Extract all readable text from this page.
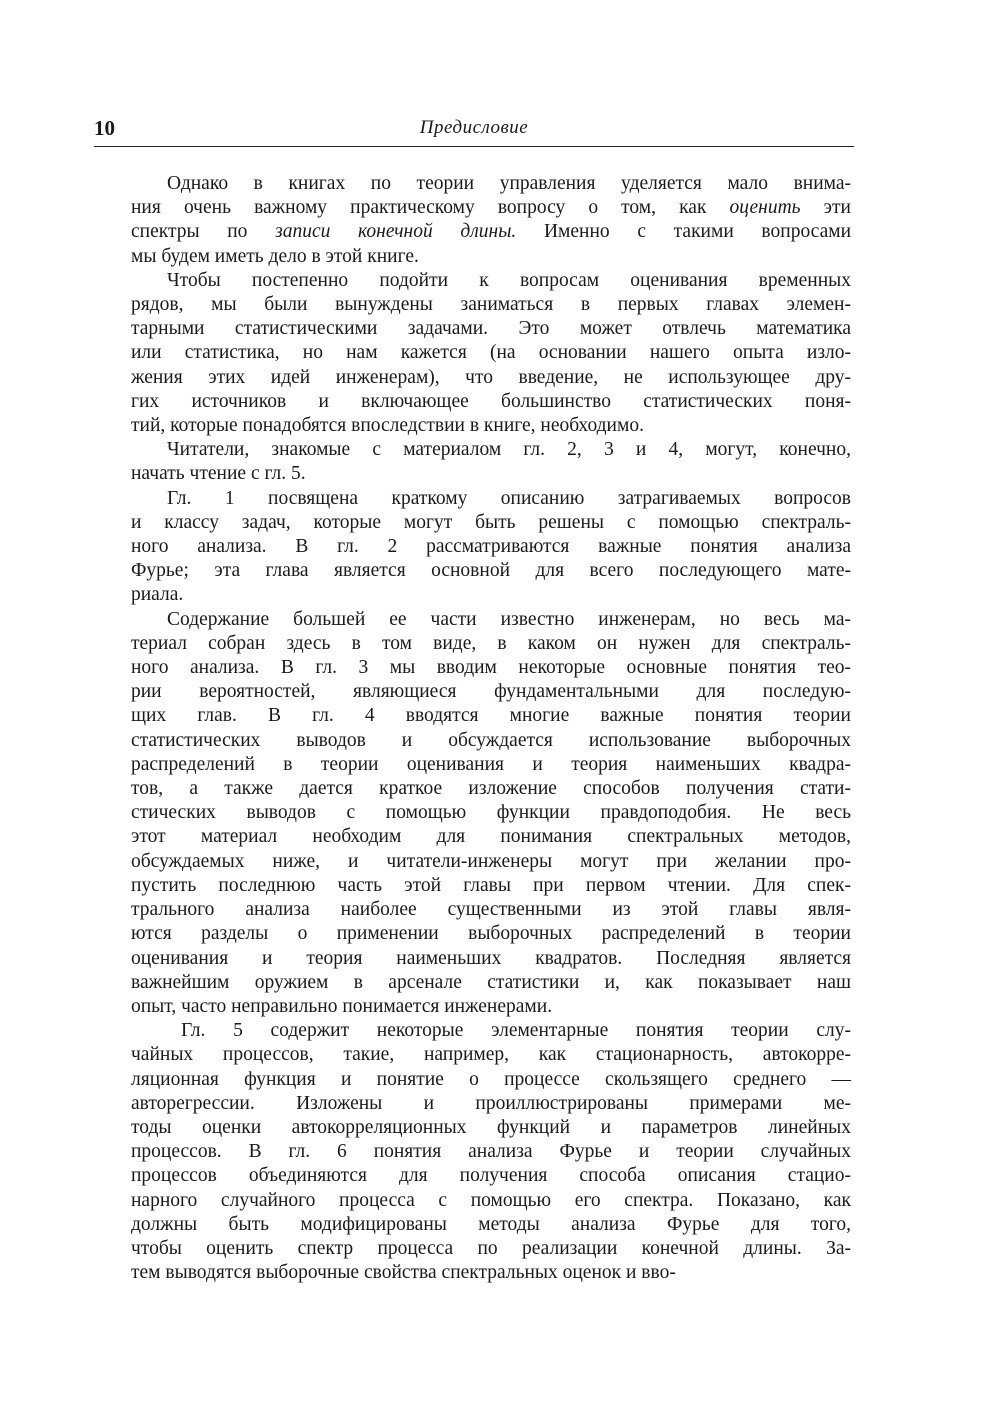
10	Предисловие
Однако в книгах по теории управления уделяется мало внима-
ния очень важному практическому вопросу о том, как оценить эти
спектры по записи конечной длины. Именно с такими вопросами
мы будем иметь дело в этой книге.
Чтобы постепенно подойти к вопросам оценивания временных
рядов, мы были вынуждены заниматься в первых главах элемен-
тарными статистическими задачами. Это может отвлечь математика
или статистика, но нам кажется (на основании нашего опыта изло-
жения этих идей инженерам), что введение, не использующее дру-
гих источников и включающее большинство статистических поня-
тий, которые понадобятся впоследствии в книге, необходимо.
Читатели, знакомые с материалом гл. 2, 3 и 4, могут, конечно,
начать чтение с гл. 5.
Гл. 1 посвящена краткому описанию затрагиваемых вопросов
и классу задач, которые могут быть решены с помощью спектраль-
ного анализа. В гл. 2 рассматриваются важные понятия анализа
Фурье; эта глава является основной для всего последующего мате-
риала.
Содержание большей ее части известно инженерам, но весь ма-
териал собран здесь в том виде, в каком он нужен для спектраль-
ного анализа. В гл. 3 мы вводим некоторые основные понятия тео-
рии вероятностей, являющиеся фундаментальными для последую-
щих глав. В гл. 4 вводятся многие важные понятия теории
статистических выводов и обсуждается использование выборочных
распределений в теории оценивания и теория наименьших квадра-
тов, а также дается краткое изложение способов получения стати-
стических выводов с помощью функции правдоподобия. Не весь
этот материал необходим для понимания спектральных методов,
обсуждаемых ниже, и читатели-инженеры могут при желании про-
пустить последнюю часть этой главы при первом чтении. Для спек-
трального анализа наиболее существенными из этой главы явля-
ются разделы о применении выборочных распределений в теории
оценивания и теория наименьших квадратов. Последняя является
важнейшим оружием в арсенале статистики и, как показывает наш
опыт, часто неправильно понимается инженерами.
Гл. 5 содержит некоторые элементарные понятия теории слу-
чайных процессов, такие, например, как стационарность, автокорре-
ляционная функция и понятие о процессе скользящего среднего —
авторегрессии. Изложены и проиллюстрированы примерами ме-
тоды оценки автокорреляционных функций и параметров линейных
процессов. В гл. 6 понятия анализа Фурье и теории случайных
процессов объединяются для получения способа описания стацио-
нарного случайного процесса с помощью его спектра. Показано, как
должны быть модифицированы методы анализа Фурье для того,
чтобы оценить спектр процесса по реализации конечной длины. За-
тем выводятся выборочные свойства спектральных оценок и вво-
